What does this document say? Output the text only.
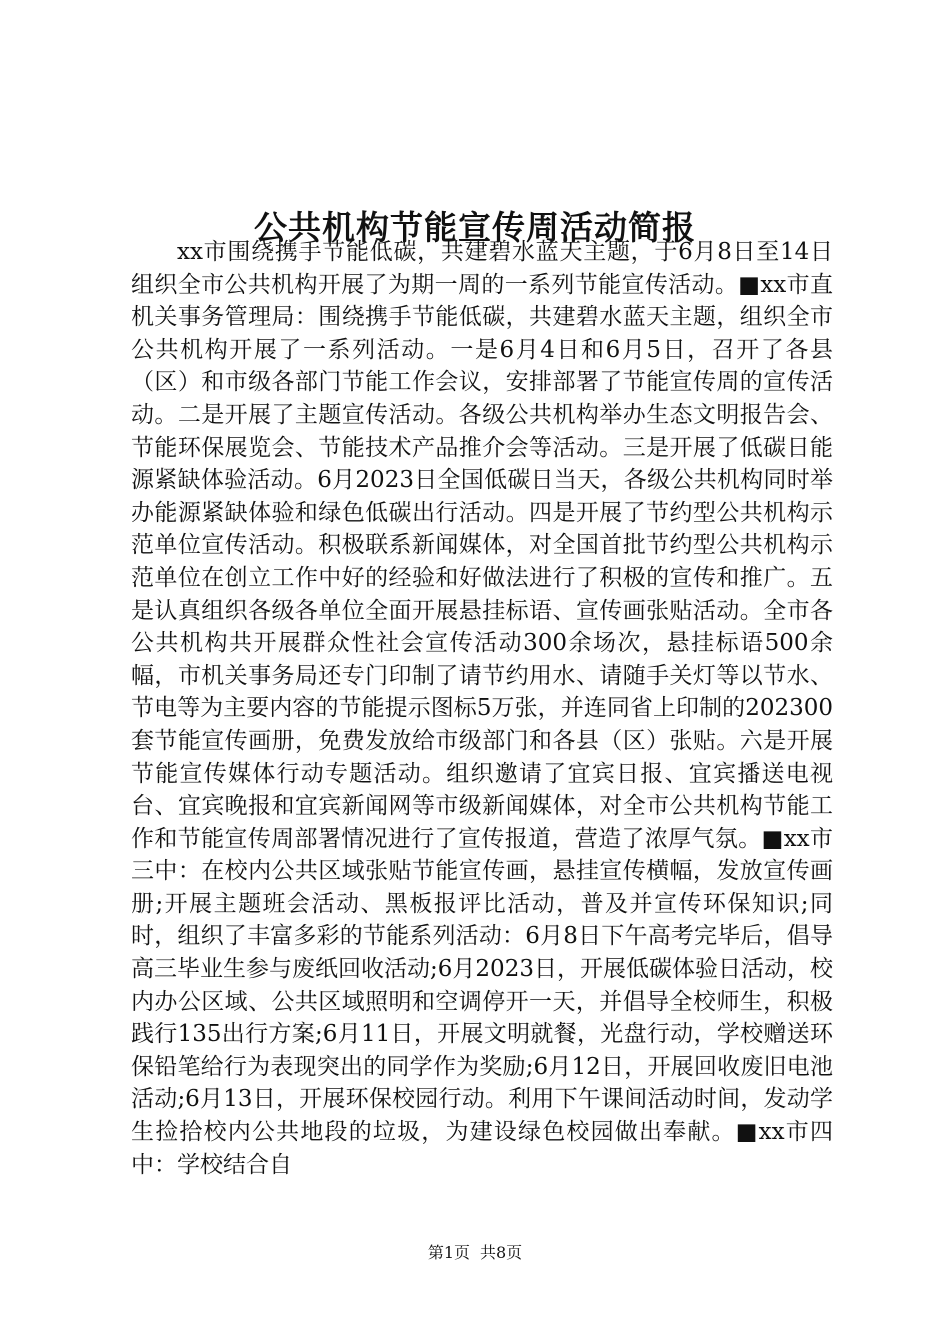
公共机构节能宣传周活动简报

xx市围绕携手节能低碳，共建碧水蓝天主题，于6月8日至14日组织全市公共机构开展了为期一周的一系列节能宣传活动。■xx市直机关事务管理局：围绕携手节能低碳，共建碧水蓝天主题，组织全市公共机构开展了一系列活动。一是6月4日和6月5日，召开了各县（区）和市级各部门节能工作会议，安排部署了节能宣传周的宣传活动。二是开展了主题宣传活动。各级公共机构举办生态文明报告会、节能环保展览会、节能技术产品推介会等活动。三是开展了低碳日能源紧缺体验活动。6月2023日全国低碳日当天，各级公共机构同时举办能源紧缺体验和绿色低碳出行活动。四是开展了节约型公共机构示范单位宣传活动。积极联系新闻媒体，对全国首批节约型公共机构示范单位在创立工作中好的经验和好做法进行了积极的宣传和推广。五是认真组织各级各单位全面开展悬挂标语、宣传画张贴活动。全市各公共机构共开展群众性社会宣传活动300余场次，悬挂标语500余幅，市机关事务局还专门印制了请节约用水、请随手关灯等以节水、节电等为主要内容的节能提示图标5万张，并连同省上印制的202300套节能宣传画册，免费发放给市级部门和各县（区）张贴。六是开展节能宣传媒体行动专题活动。组织邀请了宜宾日报、宜宾播送电视台、宜宾晚报和宜宾新闻网等市级新闻媒体，对全市公共机构节能工作和节能宣传周部署情况进行了宣传报道，营造了浓厚气氛。■xx市三中：在校内公共区域张贴节能宣传画，悬挂宣传横幅，发放宣传画册;开展主题班会活动、黑板报评比活动，普及并宣传环保知识;同时，组织了丰富多彩的节能系列活动：6月8日下午高考完毕后，倡导高三毕业生参与废纸回收活动;6月2023日，开展低碳体验日活动，校内办公区域、公共区域照明和空调停开一天，并倡导全校师生，积极践行135出行方案;6月11日，开展文明就餐，光盘行动，学校赠送环保铅笔给行为表现突出的同学作为奖励;6月12日，开展回收废旧电池活动;6月13日，开展环保校园行动。利用下午课间活动时间，发动学生捡拾校内公共地段的垃圾，为建设绿色校园做出奉献。■xx市四中：学校结合自

第1页 共8页
